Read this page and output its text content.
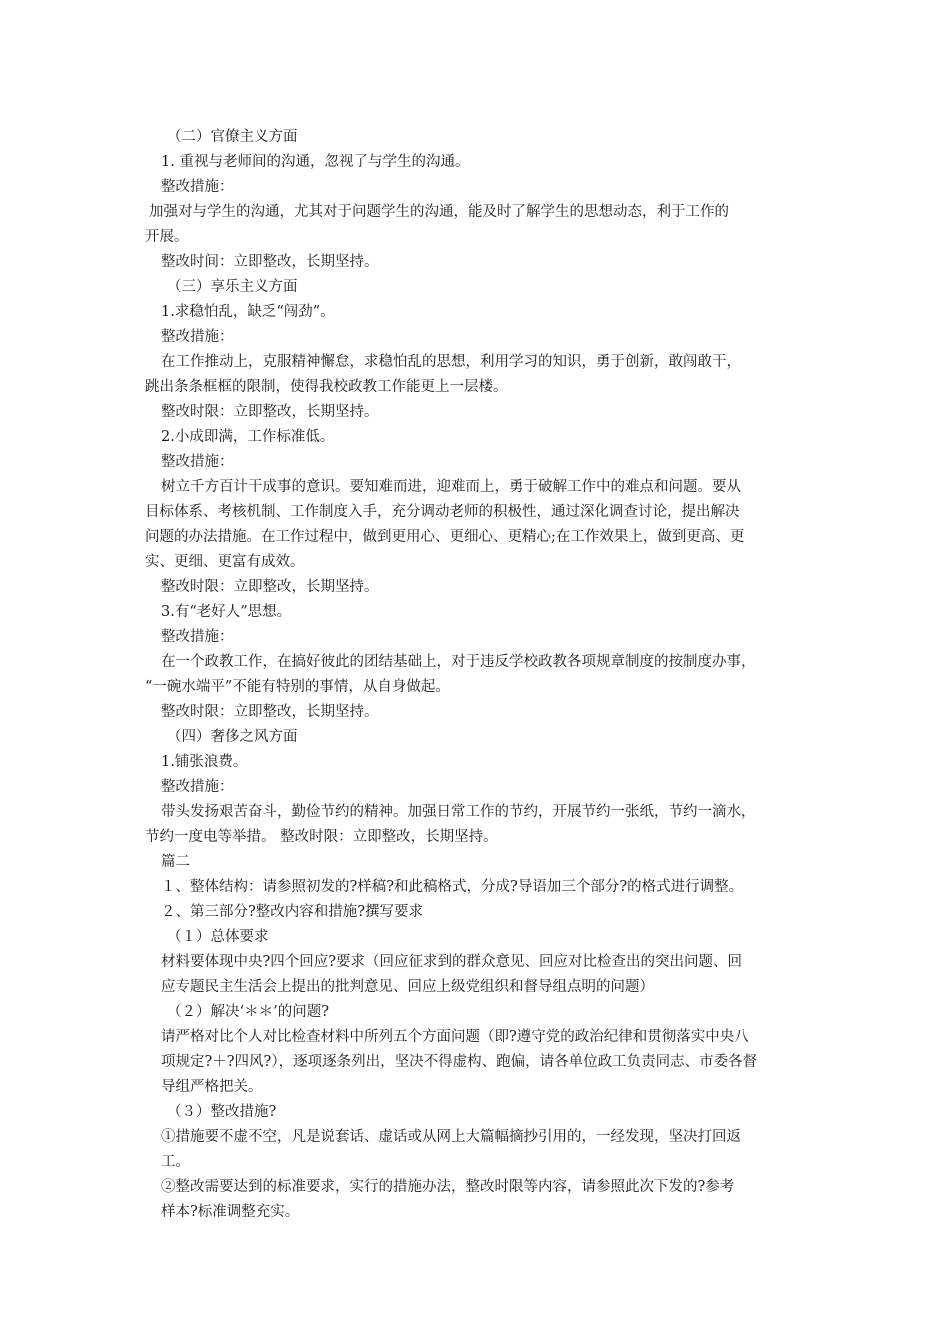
（二）官僚主义方面
1. 重视与老师间的沟通，忽视了与学生的沟通。
整改措施：
加强对与学生的沟通，尤其对于问题学生的沟通，能及时了解学生的思想动态，利于工作的
开展。
整改时间：立即整改，长期坚持。
（三）享乐主义方面
1.求稳怕乱，缺乏“闯劲”。
整改措施：
在工作推动上，克服精神懈怠，求稳怕乱的思想，利用学习的知识，勇于创新，敢闯敢干，
跳出条条框框的限制，使得我校政教工作能更上一层楼。
整改时限：立即整改，长期坚持。
2.小成即满，工作标准低。
整改措施：
树立千方百计干成事的意识。要知难而进，迎难而上，勇于破解工作中的难点和问题。要从
目标体系、考核机制、工作制度入手，充分调动老师的积极性，通过深化调查讨论，提出解决
问题的办法措施。在工作过程中，做到更用心、更细心、更精心;在工作效果上，做到更高、更
实、更细、更富有成效。
整改时限：立即整改，长期坚持。
3.有“老好人”思想。
整改措施：
在一个政教工作，在搞好彼此的团结基础上，对于违反学校政教各项规章制度的按制度办事，
“一碗水端平”不能有特别的事情，从自身做起。
整改时限：立即整改，长期坚持。
（四）奢侈之风方面
1.铺张浪费。
整改措施：
带头发扬艰苦奋斗，勤俭节约的精神。加强日常工作的节约，开展节约一张纸，节约一滴水，
节约一度电等举措。 整改时限：立即整改，长期坚持。
篇二
１、整体结构：请参照初发的?样稿?和此稿格式，分成?导语加三个部分?的格式进行调整。
２、第三部分?整改内容和措施?撰写要求
（１）总体要求
材料要体现中央?四个回应?要求（回应征求到的群众意见、回应对比检查出的突出问题、回
应专题民主生活会上提出的批判意见、回应上级党组织和督导组点明的问题）
（２）解决‘＊＊’的问题?
请严格对比个人对比检查材料中所列五个方面问题（即?遵守党的政治纪律和贯彻落实中央八
项规定?＋?四风?），逐项逐条列出，坚决不得虚构、跑偏，请各单位政工负责同志、市委各督
导组严格把关。
（３）整改措施?
①措施要不虚不空，凡是说套话、虚话或从网上大篇幅摘抄引用的，一经发现，坚决打回返
工。
②整改需要达到的标准要求，实行的措施办法，整改时限等内容，请参照此次下发的?参考
样本?标准调整充实。
